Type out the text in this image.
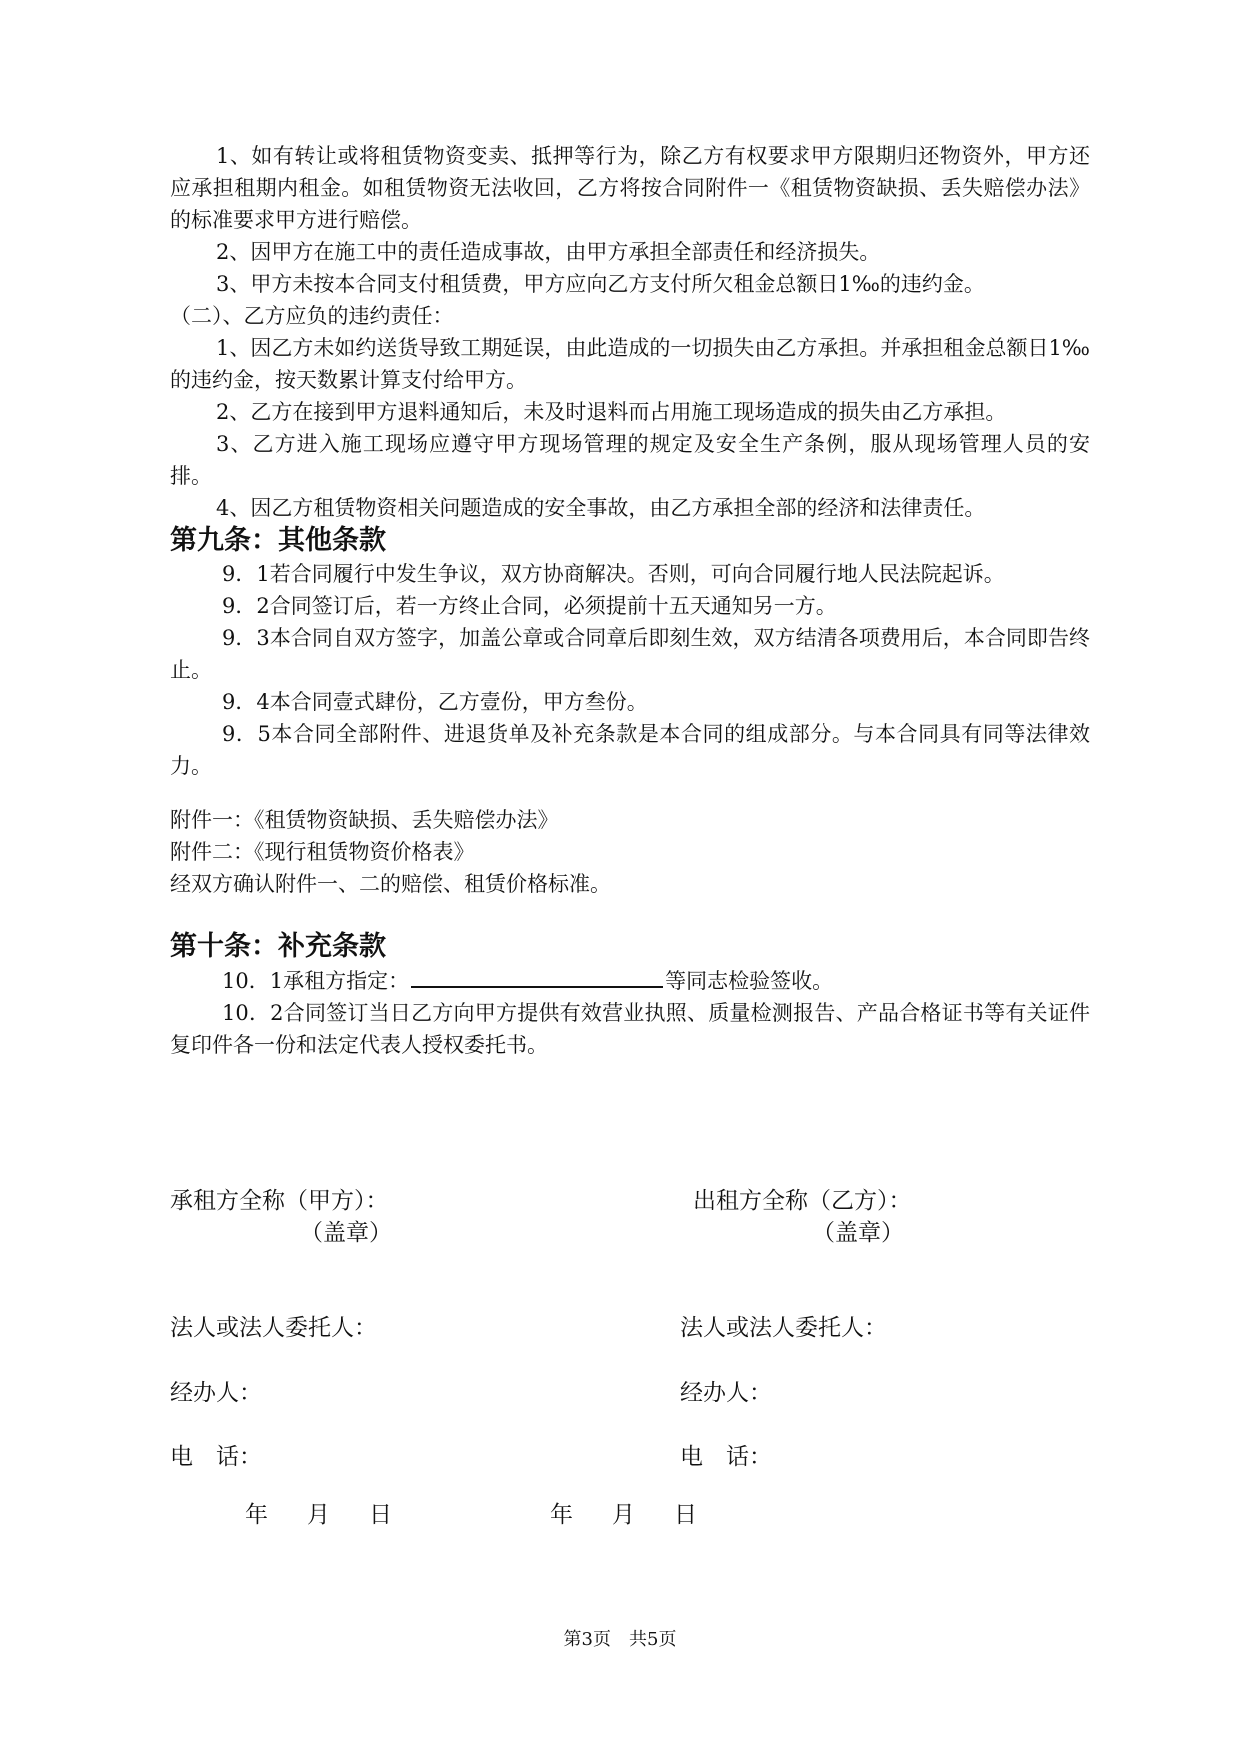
1、如有转让或将租赁物资变卖、抵押等行为，除乙方有权要求甲方限期归还物资外，甲方还应承担租期内租金。如租赁物资无法收回，乙方将按合同附件一《租赁物资缺损、丢失赔偿办法》的标准要求甲方进行赔偿。

2、因甲方在施工中的责任造成事故，由甲方承担全部责任和经济损失。

3、甲方未按本合同支付租赁费，甲方应向乙方支付所欠租金总额日1‰的违约金。

（二）、乙方应负的违约责任：

1、因乙方未如约送货导致工期延误，由此造成的一切损失由乙方承担。并承担租金总额日1‰的违约金，按天数累计算支付给甲方。

2、乙方在接到甲方退料通知后，未及时退料而占用施工现场造成的损失由乙方承担。

3、乙方进入施工现场应遵守甲方现场管理的规定及安全生产条例，服从现场管理人员的安排。

4、因乙方租赁物资相关问题造成的安全事故，由乙方承担全部的经济和法律责任。

第九条：其他条款

9．1若合同履行中发生争议，双方协商解决。否则，可向合同履行地人民法院起诉。

9．2合同签订后，若一方终止合同，必须提前十五天通知另一方。

9．3本合同自双方签字，加盖公章或合同章后即刻生效，双方结清各项费用后，本合同即告终止。

9．4本合同壹式肆份，乙方壹份，甲方叁份。

9．5本合同全部附件、进退货单及补充条款是本合同的组成部分。与本合同具有同等法律效力。

附件一：《租赁物资缺损、丢失赔偿办法》

附件二：《现行租赁物资价格表》

经双方确认附件一、二的赔偿、租赁价格标准。

第十条：补充条款

10．1承租方指定：	等同志检验签收。

10．2合同签订当日乙方向甲方提供有效营业执照、质量检测报告、产品合格证书等有关证件复印件各一份和法定代表人授权委托书。

承租方全称（甲方）：
（盖章）
出租方全称（乙方）：
（盖章）
法人或法人委托人：	法人或法人委托人：
经办人：	经办人：
电　话：	电　话：
年　月　日	年　月　日
第3页　共5页
